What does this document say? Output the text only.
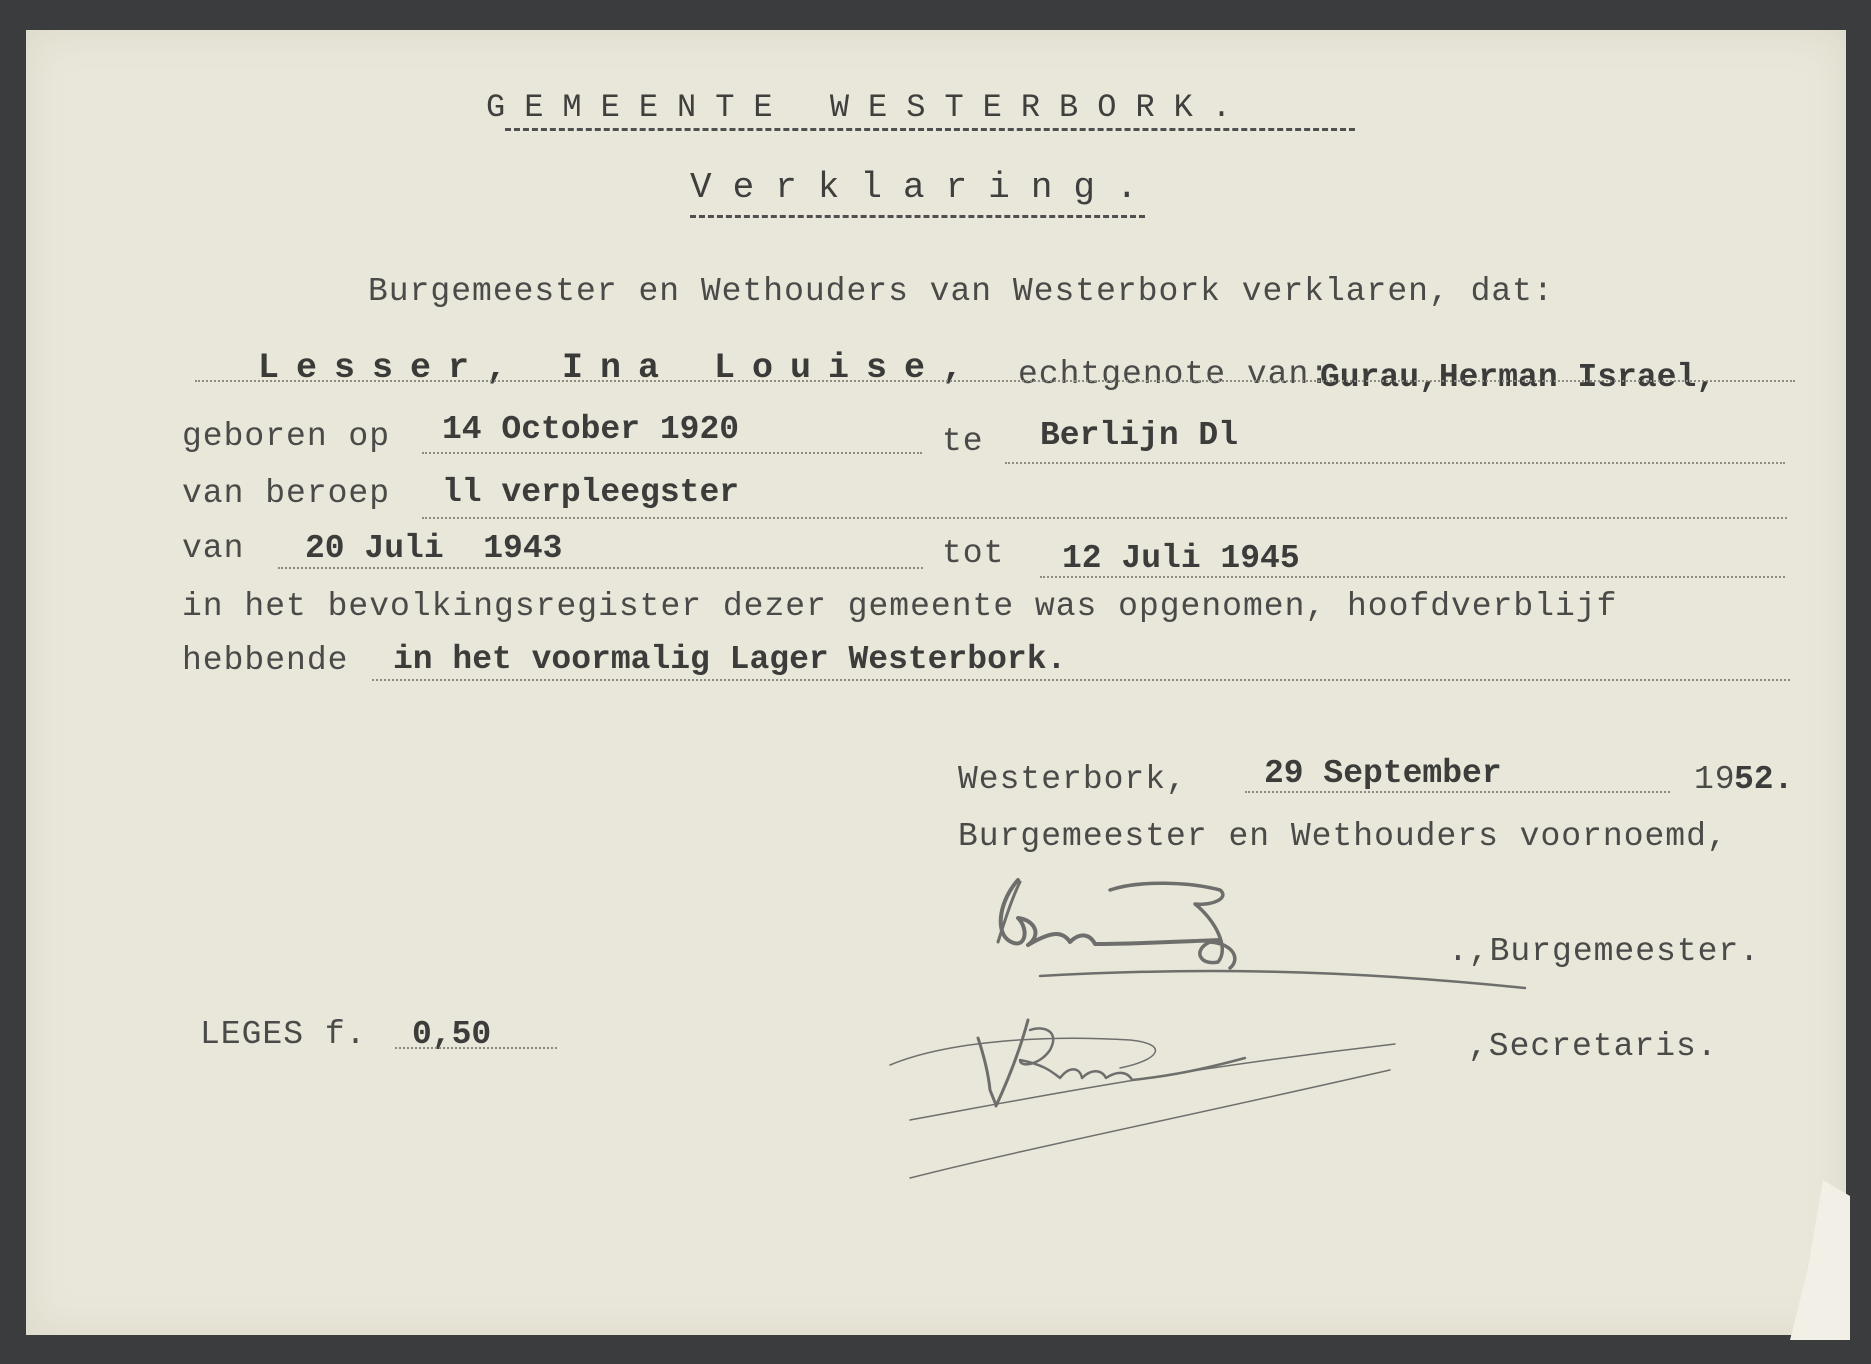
GEMEENTE WESTERBORK.
Verklaring.
Burgemeester en Wethouders van Westerbork verklaren, dat:
Lesser, Ina Louise, echtgenote van:
Gurau,Herman Israel,
geboren op 14 October 1920	te Berlijn Dl
van beroep ll verpleegster
van 20 Juli  1943	tot 12 Juli 1945
in het bevolkingsregister dezer gemeente was opgenomen, hoofdverblijf
hebbende in het voormalig Lager Westerbork.
Westerbork, 29 September	19
52.
Burgemeester en Wethouders voornoemd,
.,Burgemeester.
LEGES f. 0,50	,Secretaris.
